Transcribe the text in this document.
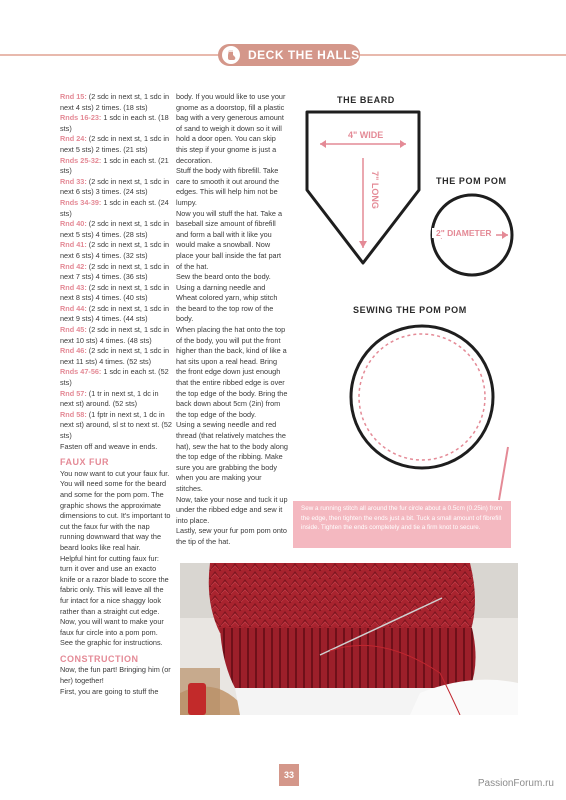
DECK THE HALLS

Rnd 15: (2 sdc in next st, 1 sdc in next 4 sts) 2 times. (18 sts)

Rnds 16-23: 1 sdc in each st. (18 sts)

Rnd 24: (2 sdc in next st, 1 sdc in next 5 sts) 2 times. (21 sts)

Rnds 25-32: 1 sdc in each st. (21 sts)

Rnd 33: (2 sdc in next st, 1 sdc in next 6 sts) 3 times. (24 sts)

Rnds 34-39: 1 sdc in each st. (24 sts)

Rnd 40: (2 sdc in next st, 1 sdc in next 5 sts) 4 times. (28 sts)

Rnd 41: (2 sdc in next st, 1 sdc in next 6 sts) 4 times. (32 sts)

Rnd 42: (2 sdc in next st, 1 sdc in next 7 sts) 4 times. (36 sts)

Rnd 43: (2 sdc in next st, 1 sdc in next 8 sts) 4 times. (40 sts)

Rnd 44: (2 sdc in next st, 1 sdc in next 9 sts) 4 times. (44 sts)

Rnd 45: (2 sdc in next st, 1 sdc in next 10 sts) 4 times. (48 sts)

Rnd 46: (2 sdc in next st, 1 sdc in next 11 sts) 4 times. (52 sts)

Rnds 47-56: 1 sdc in each st. (52 sts)

Rnd 57: (1 tr in next st, 1 dc in next st) around. (52 sts)

Rnd 58: (1 fptr in next st, 1 dc in next st) around, sl st to next st. (52 sts)

Fasten off and weave in ends.

FAUX FUR

You now want to cut your faux fur. You will need some for the beard and some for the pom pom. The graphic shows the approximate dimensions to cut. It's important to cut the faux fur with the nap running downward that way the beard looks like real hair.

Helpful hint for cutting faux fur: turn it over and use an exacto knife or a razor blade to score the fabric only. This will leave all the fur intact for a nice shaggy look rather than a straight cut edge.

Now, you will want to make your faux fur circle into a pom pom. See the graphic for instructions.

CONSTRUCTION

Now, the fun part! Bringing him (or her) together!

First, you are going to stuff the

body. If you would like to use your gnome as a doorstop, fill a plastic bag with a very generous amount of sand to weigh it down so it will hold a door open. You can skip this step if your gnome is just a decoration.

Stuff the body with fibrefill. Take care to smooth it out around the edges. This will help him not be lumpy.

Now you will stuff the hat. Take a baseball size amount of fibrefill and form a ball with it like you would make a snowball. Now place your ball inside the fat part of the hat.

Sew the beard onto the body. Using a darning needle and Wheat colored yarn, whip stitch the beard to the top row of the body.

When placing the hat onto the top of the body, you will put the front higher than the back, kind of like a hat sits upon a real head. Bring the front edge down just enough that the entire ribbed edge is over the top edge of the body. Bring the back down about 5cm (2in) from the top edge of the body.

Using a sewing needle and red thread (that relatively matches the hat), sew the hat to the body along the top edge of the ribbing. Make sure you are grabbing the body when you are making your stitches.

Now, take your nose and tuck it up under the ribbed edge and sew it into place.

Lastly, sew your fur pom pom onto the tip of the hat.

THE BEARD
4" WIDE
7" LONG	THE POM POM
2" DIAMETER
SEWING THE POM POM
Sew a running stitch all around the fur circle about a 0.5cm (0.25in) from the edge, then tighten the ends just a bit. Tuck a small amount of fibrefill inside. Tighten the ends completely and tie a firm knot to secure.
33
PassionForum.ru
